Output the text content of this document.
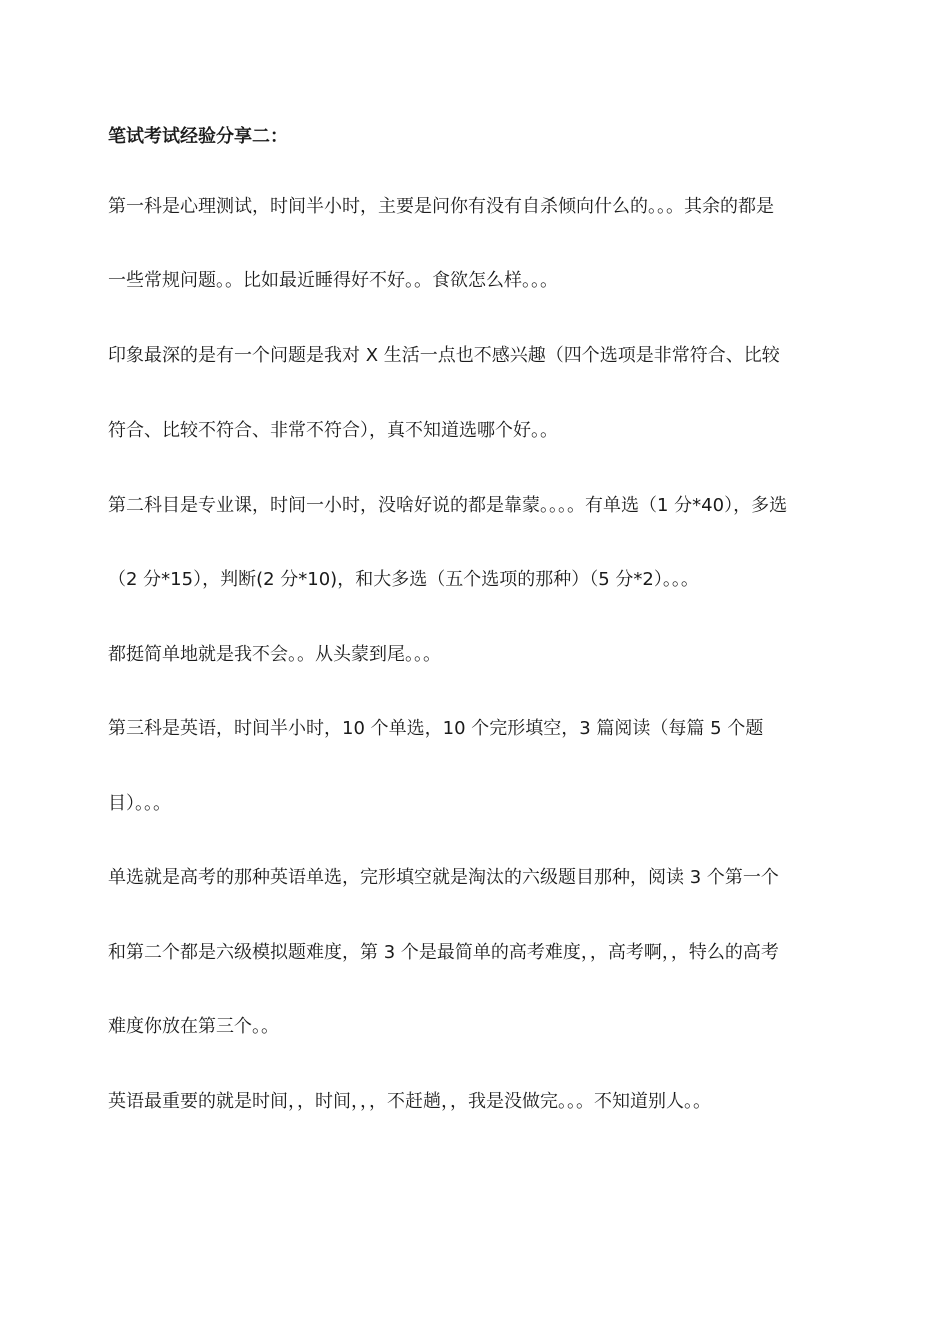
笔试考试经验分享二：

第一科是心理测试，时间半小时，主要是问你有没有自杀倾向什么的。。。其余的都是

一些常规问题。。比如最近睡得好不好。。食欲怎么样。。。

印象最深的是有一个问题是我对 X 生活一点也不感兴趣（四个选项是非常符合、比较

符合、比较不符合、非常不符合），真不知道选哪个好。。

第二科目是专业课，时间一小时，没啥好说的都是靠蒙。。。。有单选（1 分*40），多选

（2 分*15），判断(2 分*10)，和大多选（五个选项的那种）（5 分*2）。。。

都挺简单地就是我不会。。从头蒙到尾。。。

第三科是英语，时间半小时，10 个单选，10 个完形填空，3 篇阅读（每篇 5 个题

目）。。。

单选就是高考的那种英语单选，完形填空就是淘汰的六级题目那种，阅读 3 个第一个

和第二个都是六级模拟题难度，第 3 个是最简单的高考难度，，高考啊，，特么的高考

难度你放在第三个。。

英语最重要的就是时间，，时间，，，不赶趟，，我是没做完。。。不知道别人。。
